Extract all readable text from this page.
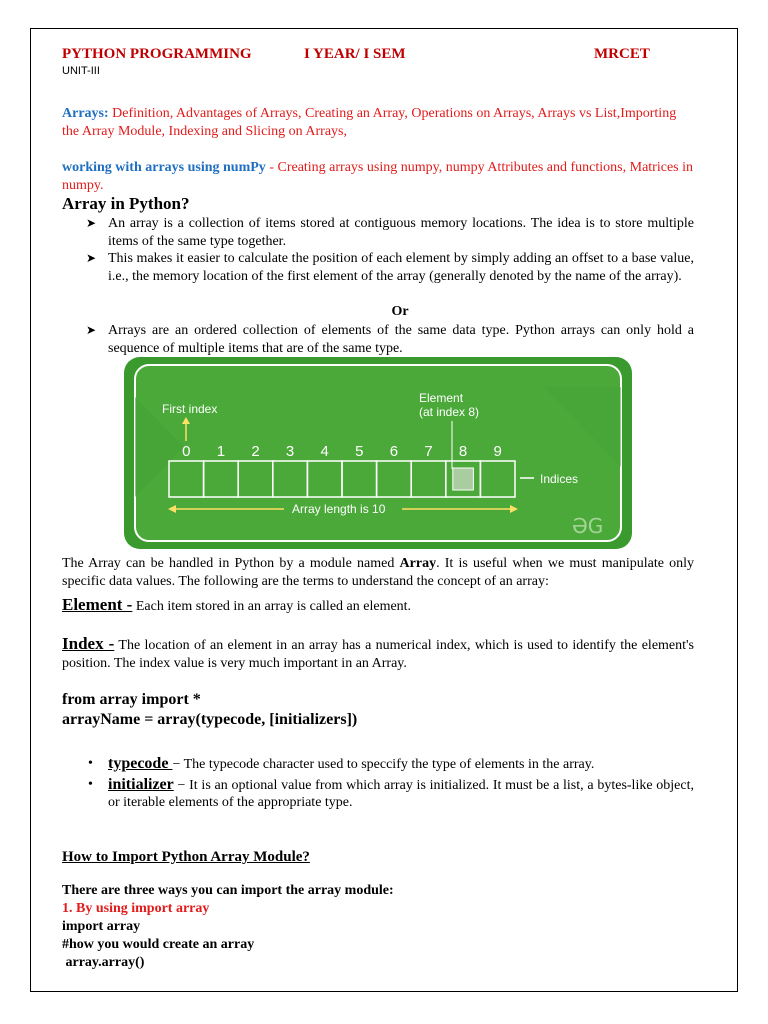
PYTHON PROGRAMMING	I YEAR/ I SEM	MRCET
UNIT-III
Arrays: Definition, Advantages of Arrays, Creating an Array, Operations on Arrays, Arrays vs List,Importing the Array Module, Indexing and Slicing on Arrays,
working with arrays using numPy - Creating arrays using numpy, numpy Attributes and functions, Matrices in numpy.
Array in Python?
➤ An array is a collection of items stored at contiguous memory locations. The idea is to store multiple items of the same type together.
➤ This makes it easier to calculate the position of each element by simply adding an offset to a base value, i.e., the memory location of the first element of the array (generally denoted by the name of the array).
Or
➤ Arrays are an ordered collection of elements of the same data type. Python arrays can only hold a sequence of multiple items that are of the same type.
First index
Element
(at index 8)
0 1 2 3 4 5 6 7 8 9
Indices
Array length is 10
ƏG
The Array can be handled in Python by a module named Array. It is useful when we must manipulate only specific data values. The following are the terms to understand the concept of an array:
Element - Each item stored in an array is called an element.
Index - The location of an element in an array has a numerical index, which is used to identify the element's position. The index value is very much important in an Array.
from array import *
arrayName = array(typecode, [initializers])
• typecode − The typecode character used to speccify the type of elements in the array.
• initializer − It is an optional value from which array is initialized. It must be a list, a bytes-like object, or iterable elements of the appropriate type.
How to Import Python Array Module?
There are three ways you can import the array module:
1. By using import array
import array
#how you would create an array
array.array()
